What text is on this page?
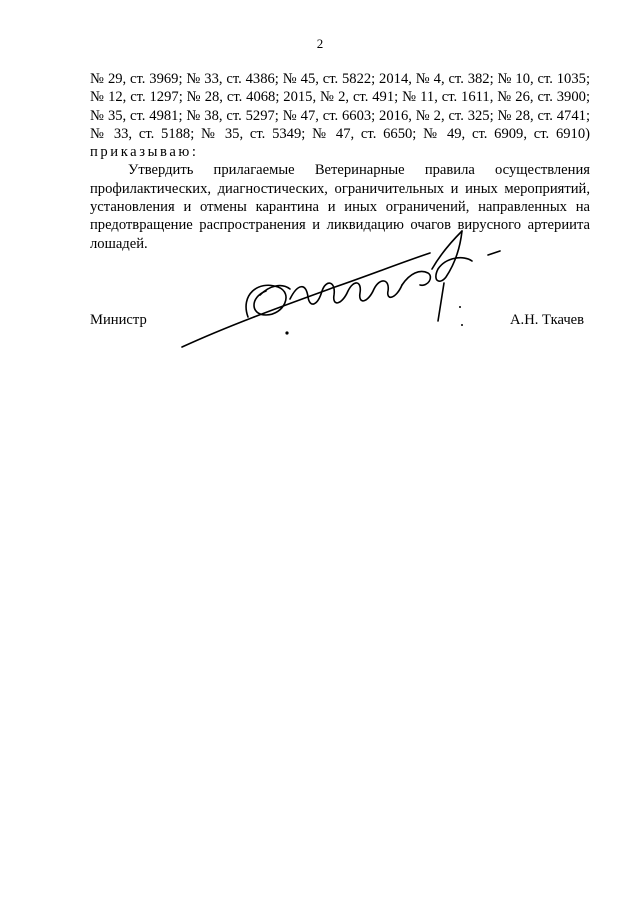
2

№ 29, ст. 3969; № 33, ст. 4386; № 45, ст. 5822; 2014, № 4, ст. 382; № 10, ст. 1035; № 12, ст. 1297; № 28, ст. 4068; 2015, № 2, ст. 491; № 11, ст. 1611, № 26, ст. 3900; № 35, ст. 4981; № 38, ст. 5297; № 47, ст. 6603; 2016, № 2, ст. 325; № 28, ст. 4741; № 33, ст. 5188; № 35, ст. 5349; № 47, ст. 6650; № 49, ст. 6909, ст. 6910) приказываю:

Утвердить прилагаемые Ветеринарные правила осуществления профилактических, диагностических, ограничительных и иных мероприятий, установления и отмены карантина и иных ограничений, направленных на предотвращение распространения и ликвидацию очагов вирусного артериита лошадей.

Министр	А.Н. Ткачев
